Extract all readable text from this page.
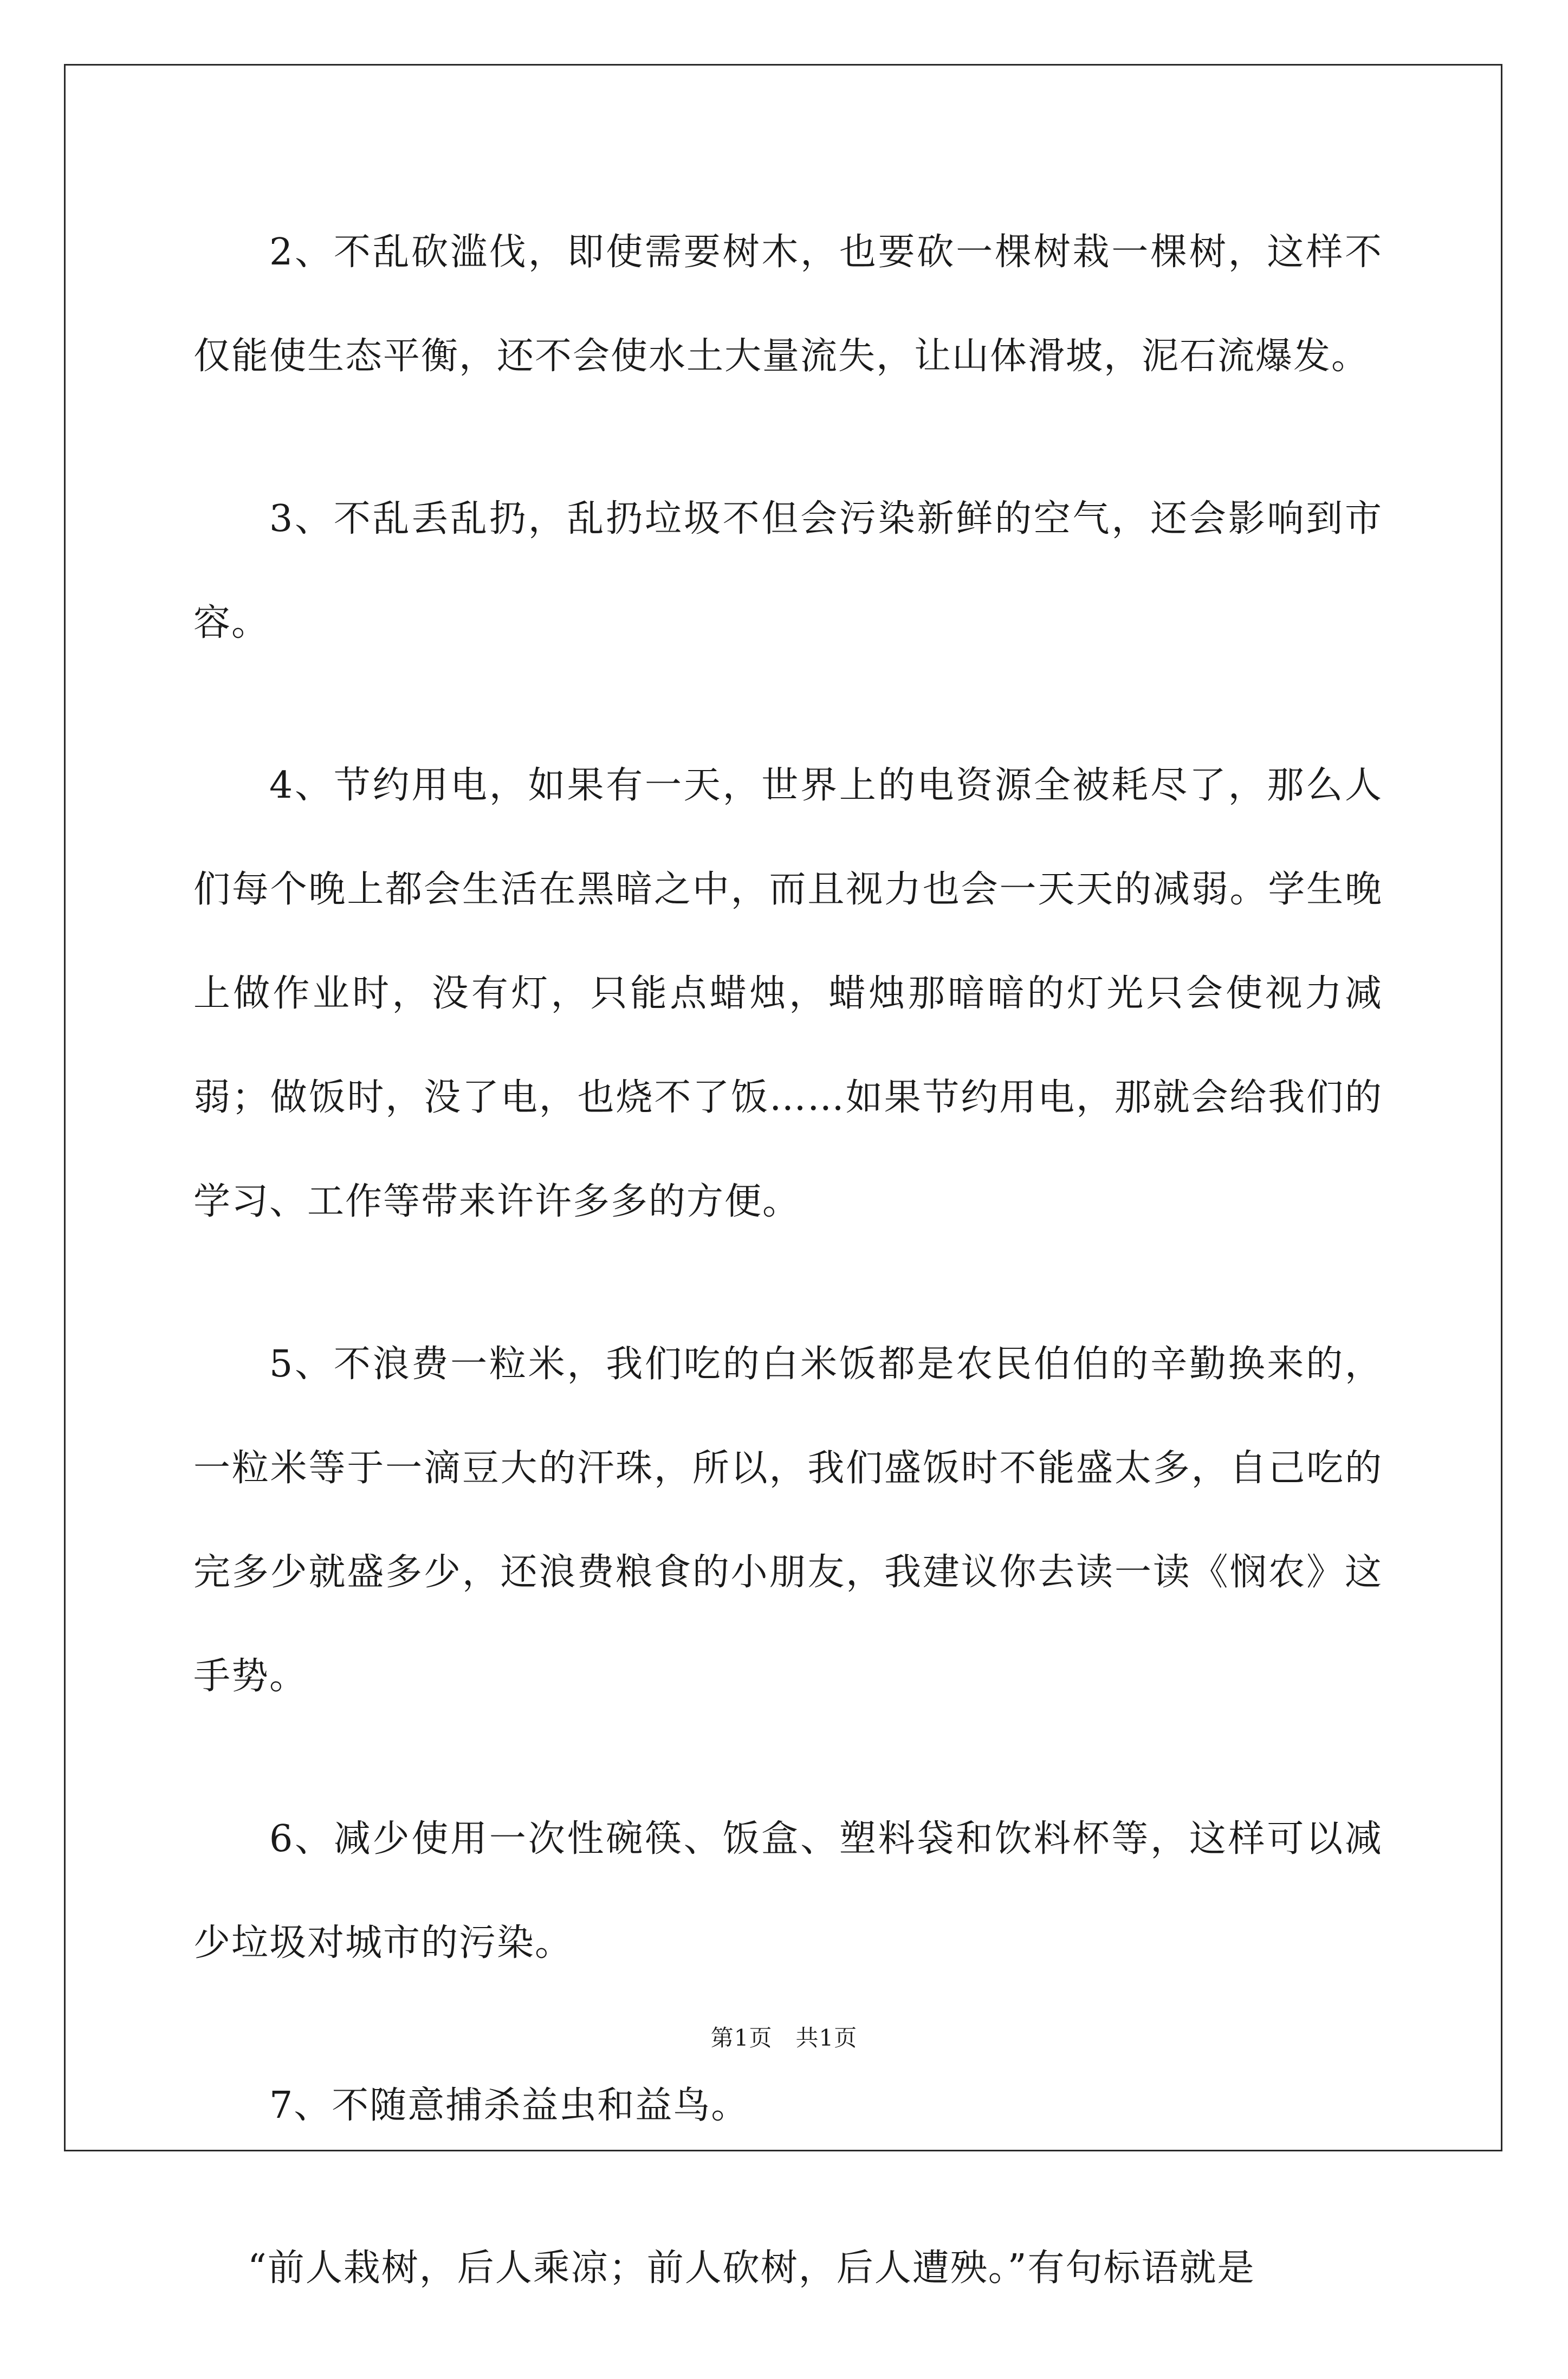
2、不乱砍滥伐，即使需要树木，也要砍一棵树栽一棵树，这样不仅能使生态平衡，还不会使水土大量流失，让山体滑坡，泥石流爆发。

3、不乱丢乱扔，乱扔垃圾不但会污染新鲜的空气，还会影响到市容。

4、节约用电，如果有一天，世界上的电资源全被耗尽了，那么人们每个晚上都会生活在黑暗之中，而且视力也会一天天的减弱。学生晚上做作业时，没有灯，只能点蜡烛，蜡烛那暗暗的灯光只会使视力减弱；做饭时，没了电，也烧不了饭……如果节约用电，那就会给我们的学习、工作等带来许许多多的方便。

5、不浪费一粒米，我们吃的白米饭都是农民伯伯的辛勤换来的，一粒米等于一滴豆大的汗珠，所以，我们盛饭时不能盛太多，自己吃的完多少就盛多少，还浪费粮食的小朋友，我建议你去读一读《悯农》这手势。

6、减少使用一次性碗筷、饭盒、塑料袋和饮料杯等，这样可以减少垃圾对城市的污染。

7、不随意捕杀益虫和益鸟。

“前人栽树，后人乘凉；前人砍树，后人遭殃。”有句标语就是

第1页 共1页
